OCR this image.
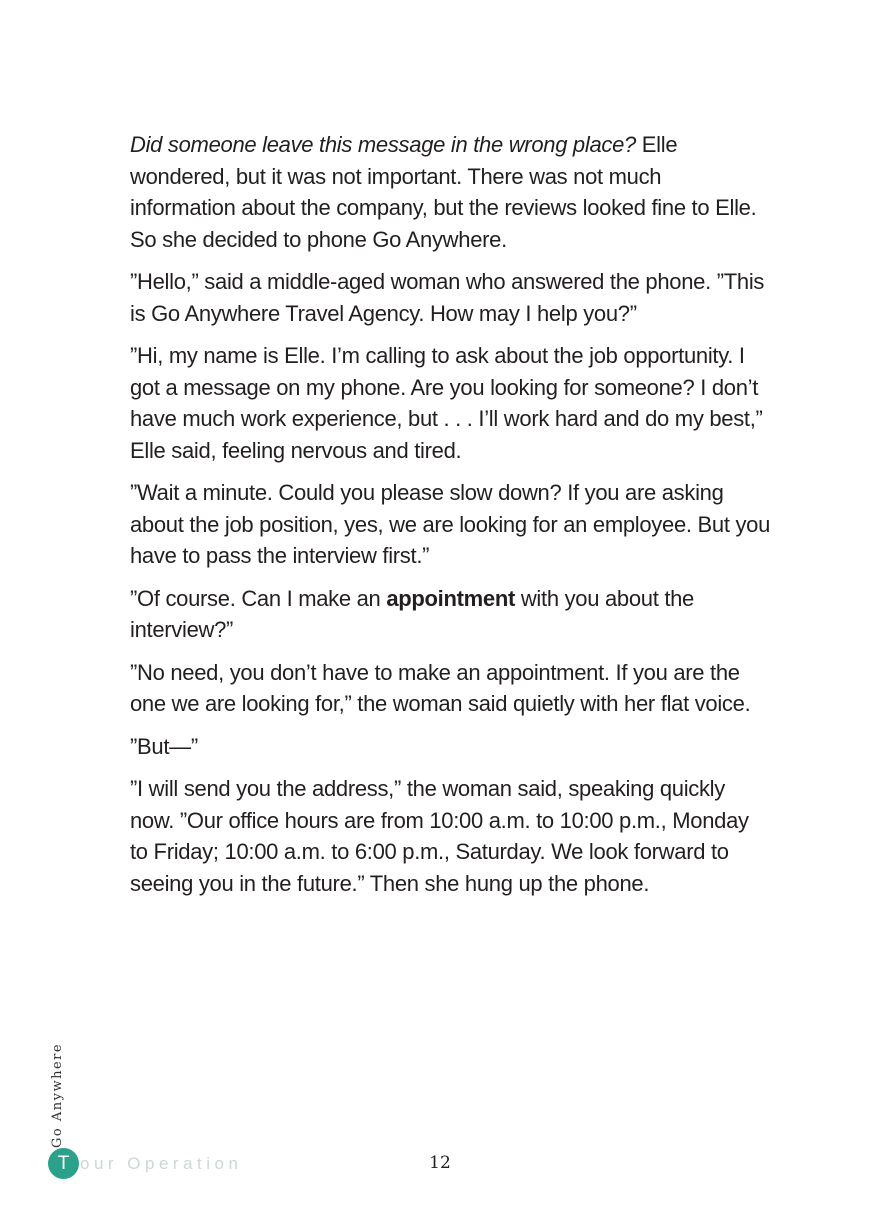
Did someone leave this message in the wrong place? Elle wondered, but it was not important. There was not much information about the company, but the reviews looked fine to Elle. So she decided to phone Go Anywhere.

”Hello,” said a middle-aged woman who answered the phone. ”This is Go Anywhere Travel Agency. How may I help you?”

”Hi, my name is Elle. I’m calling to ask about the job opportunity. I got a message on my phone. Are you looking for someone? I don’t have much work experience, but . . . I’ll work hard and do my best,” Elle said, feeling nervous and tired.

”Wait a minute. Could you please slow down? If you are asking about the job position, yes, we are looking for an employee. But you have to pass the interview first.”

”Of course. Can I make an appointment with you about the interview?”

”No need, you don’t have to make an appointment. If you are the one we are looking for,” the woman said quietly with her flat voice.

”But—”

”I will send you the address,” the woman said, speaking quickly now. ”Our office hours are from 10:00 a.m. to 10:00 p.m., Monday to Friday; 10:00 a.m. to 6:00 p.m., Saturday. We look forward to seeing you in the future.” Then she hung up the phone.

Go Anywhere
T our Operation	12
